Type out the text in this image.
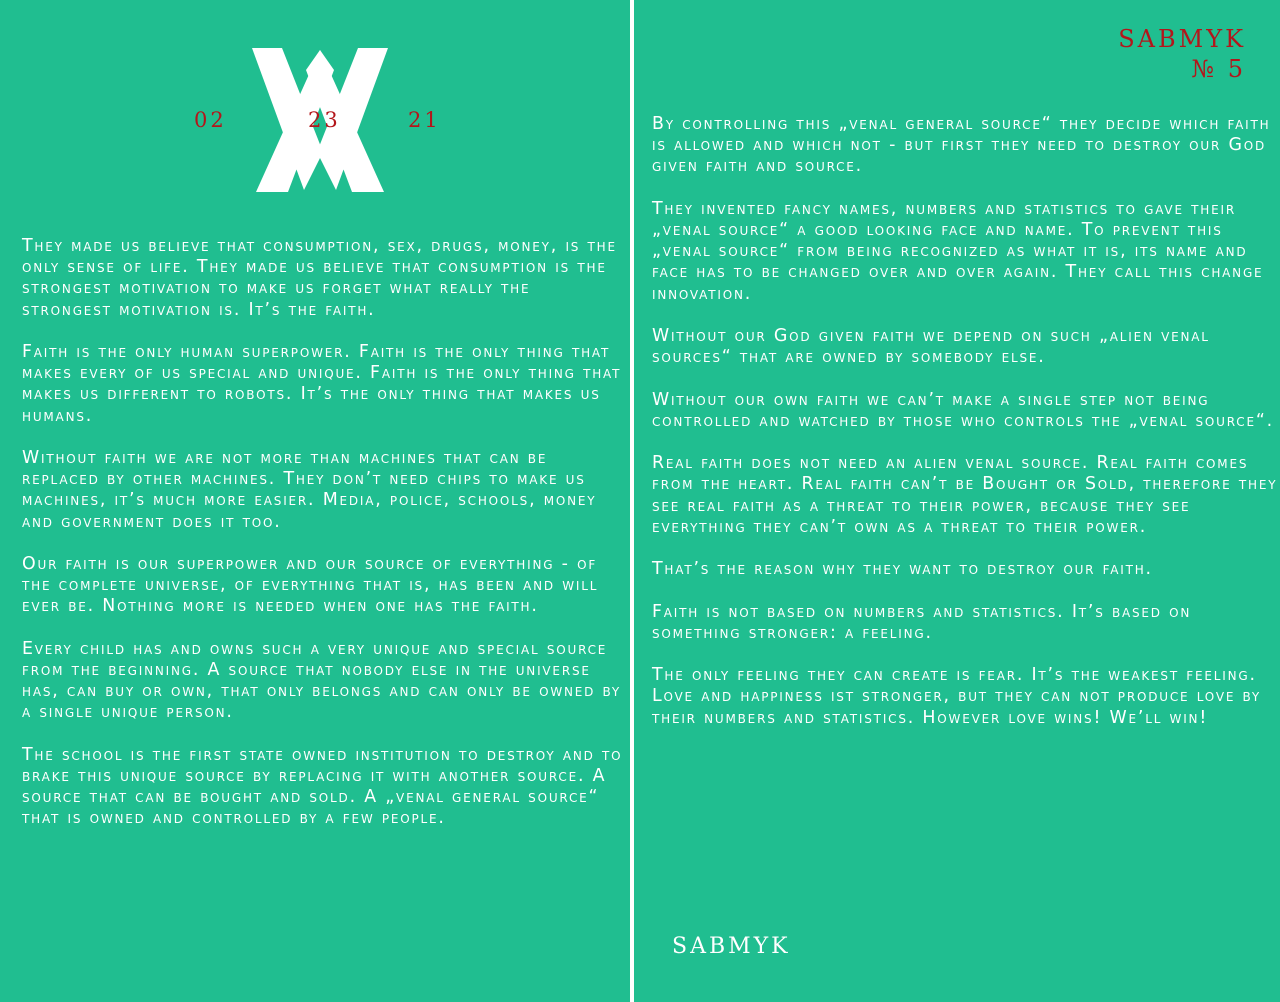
02	23	21

They made us believe that consumption, sex, drugs, money, is the only sense of life. They made us believe that consumption is the strongest motivation to make us forget what really the strongest motivation is. It’s the faith.

Faith is the only human superpower. Faith is the only thing that makes every of us special and unique. Faith is the only thing that makes us different to robots. It’s the only thing that makes us humans.

Without faith we are not more than machines that can be replaced by other machines. They don’t need chips to make us machines, it’s much more easier. Media, police, schools, money and government does it too.

Our faith is our superpower and our source of everything - of the complete universe, of everything that is, has been and will ever be. Nothing more is needed when one has the faith.

Every child has and owns such a very unique and special source from the beginning. A source that nobody else in the universe has, can buy or own, that only belongs and can only be owned by a single unique person.

The school is the first state owned institution to destroy and to brake this unique source by replacing it with another source. A source that can be bought and sold. A „venal general source“ that is owned and controlled by a few people.

SABMYK
№ 5

By controlling this „venal general source“ they decide which faith is allowed and which not - but first they need to destroy our God given faith and source.

They invented fancy names, numbers and statistics to gave their „venal source“ a good looking face and name. To prevent this „venal source“ from being recognized as what it is, its name and face has to be changed over and over again. They call this change innovation.

Without our God given faith we depend on such „alien venal sources“ that are owned by somebody else.

Without our own faith we can’t make a single step not being controlled and watched by those who controls the „venal source“.

Real faith does not need an alien venal source. Real faith comes from the heart. Real faith can’t be Bought or Sold, therefore they see real faith as a threat to their power, because they see everything they can’t own as a threat to their power.

That’s the reason why they want to destroy our faith.

Faith is not based on numbers and statistics. It’s based on something stronger: a feeling.

The only feeling they can create is fear. It’s the weakest feeling. Love and happiness ist stronger, but they can not produce love by their numbers and statistics. However love wins! We’ll win!

SABMYK
